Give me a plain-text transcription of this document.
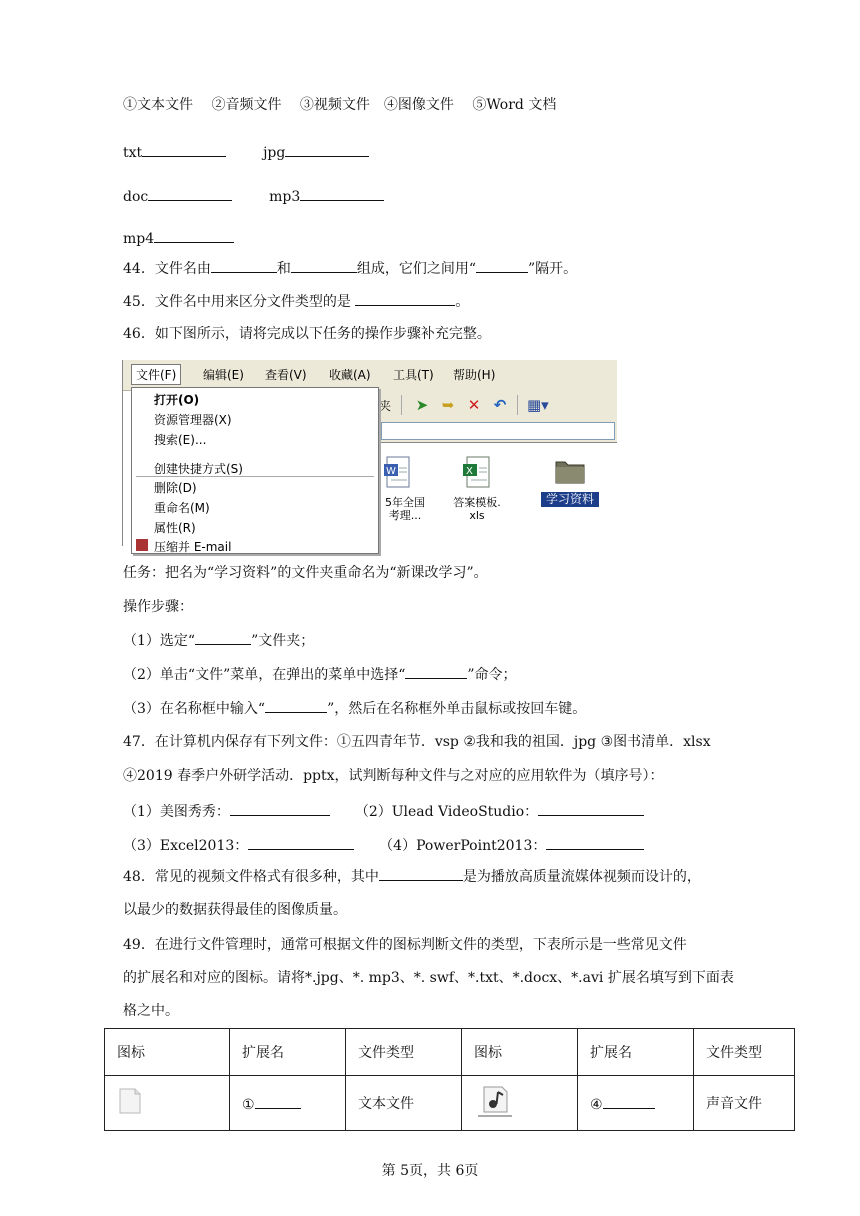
①文本文件　 ②音频文件　 ③视频文件　④图像文件　 ⑤Word 文档
txt	jpg
doc	mp3
mp4
44．文件名由	和	组成，它们之间用“	”隔开。
45．文件名中用来区分文件类型的是	。
46．如下图所示，请将完成以下任务的操作步骤补充完整。
文件(F)	编辑(E) 查看(V) 收藏(A) 工具(T) 帮助(H)
夹 ➤ ➥ ✕ ↶ ▦▾
W
5年全国
考理...
X
答案模板.
xls
学习资料
打开(O)
资源管理器(X)
搜索(E)...
创建快捷方式(S)
删除(D)
重命名(M)
属性(R)
压缩并 E-mail
任务：把名为“学习资料”的文件夹重命名为“新课改学习”。
操作步骤：
（1）选定“	”文件夹；
（2）单击“文件”菜单，在弹出的菜单中选择“	”命令；
（3）在名称框中输入“	”，然后在名称框外单击鼠标或按回车键。
47．在计算机内保存有下列文件：①五四青年节．vsp ②我和我的祖国．jpg ③图书清单．xlsx
④2019 春季户外研学活动．pptx，试判断每种文件与之对应的应用软件为（填序号）：
（1）美图秀秀：	（2）Ulead VideoStudio：
（3）Excel2013：	（4）PowerPoint2013：
48．常见的视频文件格式有很多种，其中	是为播放高质量流媒体视频而设计的，
以最少的数据获得最佳的图像质量。
49．在进行文件管理时，通常可根据文件的图标判断文件的类型，下表所示是一些常见文件
的扩展名和对应的图标。请将*.jpg、*. mp3、*. swf、*.txt、*.docx、*.avi 扩展名填写到下面表
格之中。
图标	扩展名	文件类型	图标	扩展名	文件类型
	①	文本文件		④	声音文件
第 5页，共 6页
